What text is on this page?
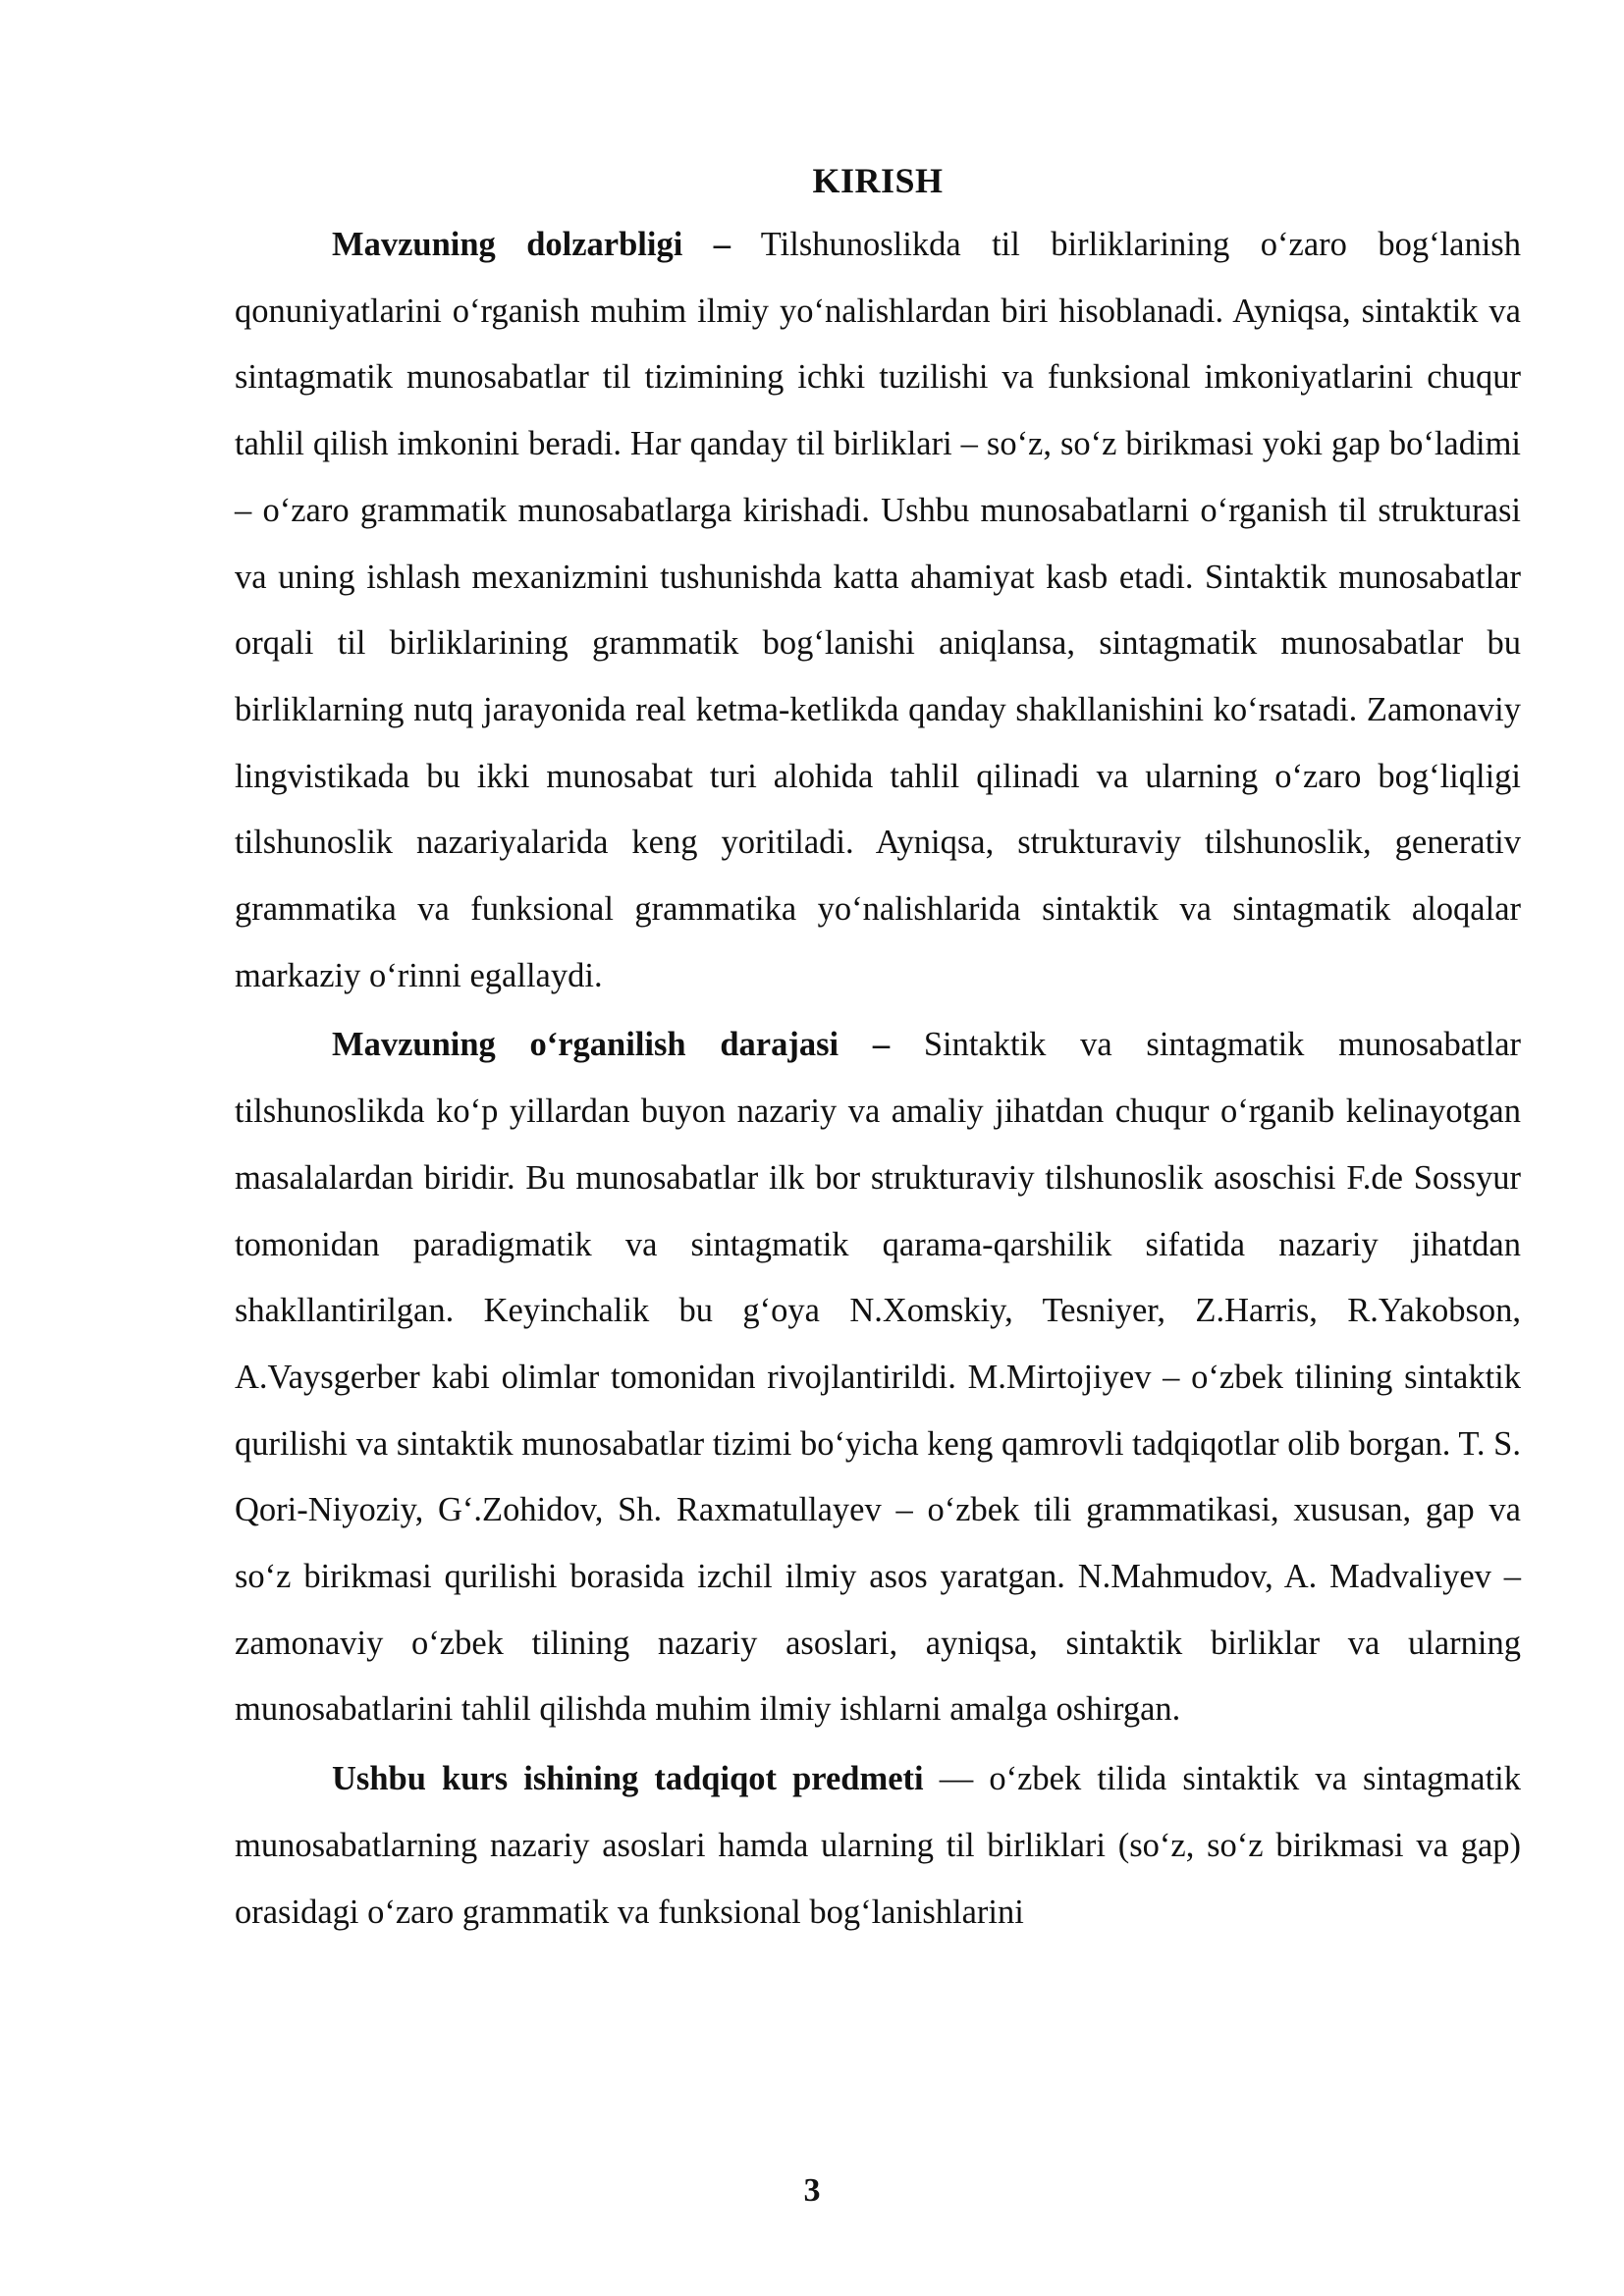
KIRISH

Mavzuning dolzarbligi – Tilshunoslikda til birliklarining o‘zaro bog‘lanish qonuniyatlarini o‘rganish muhim ilmiy yo‘nalishlardan biri hisoblanadi. Ayniqsa, sintaktik va sintagmatik munosabatlar til tizimining ichki tuzilishi va funksional imkoniyatlarini chuqur tahlil qilish imkonini beradi. Har qanday til birliklari – so‘z, so‘z birikmasi yoki gap bo‘ladimi – o‘zaro grammatik munosabatlarga kirishadi. Ushbu munosabatlarni o‘rganish til strukturasi va uning ishlash mexanizmini tushunishda katta ahamiyat kasb etadi. Sintaktik munosabatlar orqali til birliklarining grammatik bog‘lanishi aniqlansa, sintagmatik munosabatlar bu birliklarning nutq jarayonida real ketma-ketlikda qanday shakllanishini ko‘rsatadi. Zamonaviy lingvistikada bu ikki munosabat turi alohida tahlil qilinadi va ularning o‘zaro bog‘liqligi tilshunoslik nazariyalarida keng yoritiladi. Ayniqsa, strukturaviy tilshunoslik, generativ grammatika va funksional grammatika yo‘nalishlarida sintaktik va sintagmatik aloqalar markaziy o‘rinni egallaydi.

Mavzuning o‘rganilish darajasi – Sintaktik va sintagmatik munosabatlar tilshunoslikda ko‘p yillardan buyon nazariy va amaliy jihatdan chuqur o‘rganib kelinayotgan masalalardan biridir. Bu munosabatlar ilk bor strukturaviy tilshunoslik asoschisi F.de Sossyur tomonidan paradigmatik va sintagmatik qarama-qarshilik sifatida nazariy jihatdan shakllantirilgan. Keyinchalik bu g‘oya N.Xomskiy, Tesniyer, Z.Harris, R.Yakobson, A.Vaysgerber kabi olimlar tomonidan rivojlantirildi. M.Mirtojiyev – o‘zbek tilining sintaktik qurilishi va sintaktik munosabatlar tizimi bo‘yicha keng qamrovli tadqiqotlar olib borgan. T. S. Qori-Niyoziy, G‘.Zohidov, Sh. Raxmatullayev – o‘zbek tili grammatikasi, xususan, gap va so‘z birikmasi qurilishi borasida izchil ilmiy asos yaratgan. N.Mahmudov, A. Madvaliyev – zamonaviy o‘zbek tilining nazariy asoslari, ayniqsa, sintaktik birliklar va ularning munosabatlarini tahlil qilishda muhim ilmiy ishlarni amalga oshirgan.

Ushbu kurs ishining tadqiqot predmeti — o‘zbek tilida sintaktik va sintagmatik munosabatlarning nazariy asoslari hamda ularning til birliklari (so‘z, so‘z birikmasi va gap) orasidagi o‘zaro grammatik va funksional bog‘lanishlarini

3
